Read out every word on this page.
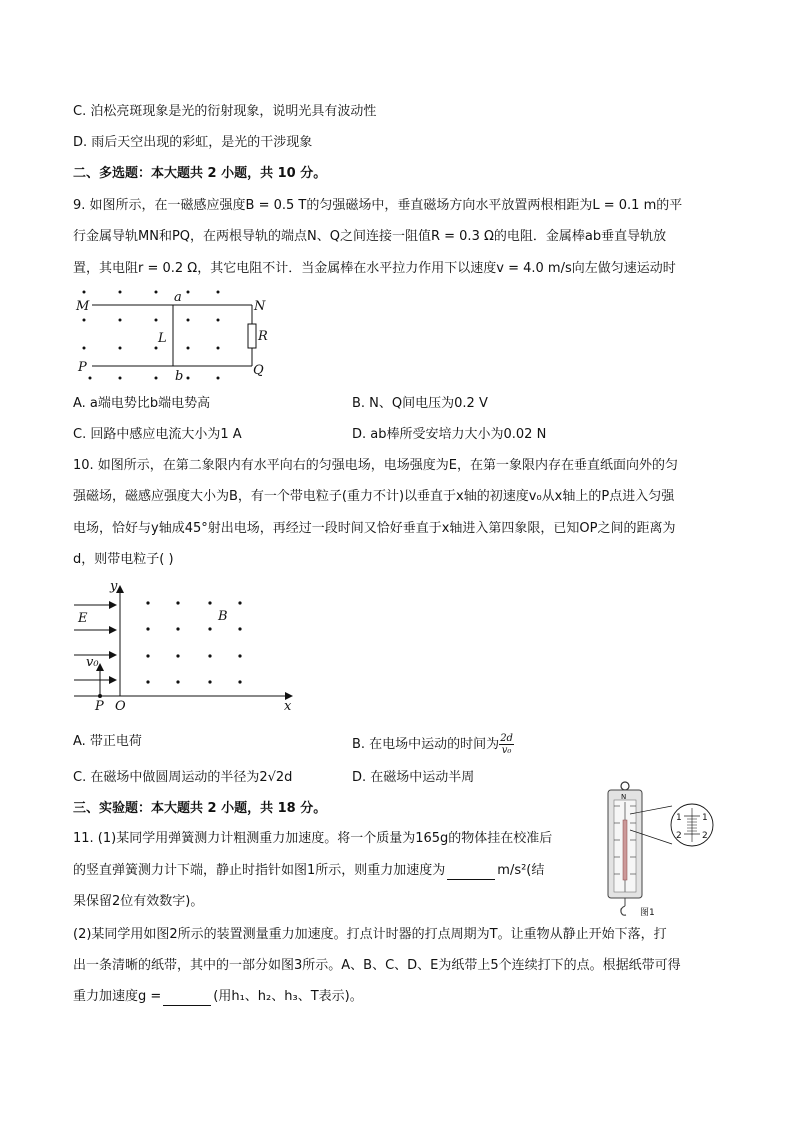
C. 泊松亮斑现象是光的衍射现象，说明光具有波动性
D. 雨后天空出现的彩虹，是光的干涉现象
二、多选题：本大题共 2 小题，共 10 分。
9. 如图所示，在一磁感应强度B = 0.5 T的匀强磁场中，垂直磁场方向水平放置两根相距为L = 0.1 m的平
行金属导轨MN和PQ，在两根导轨的端点N、Q之间连接一阻值R = 0.3 Ω的电阻．金属棒ab垂直导轨放
置，其电阻r = 0.2 Ω，其它电阻不计．当金属棒在水平拉力作用下以速度v = 4.0 m/s向左做匀速运动时
M
a
N
L	R
P
b	Q
A. a端电势比b端电势高	B. N、Q间电压为0.2 V
C. 回路中感应电流大小为1 A	D. ab棒所受安培力大小为0.02 N
10. 如图所示，在第二象限内有水平向右的匀强电场，电场强度为E，在第一象限内存在垂直纸面向外的匀
强磁场，磁感应强度大小为B，有一个带电粒子(重力不计)以垂直于x轴的初速度v₀从x轴上的P点进入匀强
电场，恰好与y轴成45°射出电场，再经过一段时间又恰好垂直于x轴进入第四象限，已知OP之间的距离为
d，则带电粒子( )
y
E	B
v₀
P O	x
A. 带正电荷	B. 在电场中运动的时间为 $\frac{2d}{\text{v₀}}$
C. 在磁场中做圆周运动的半径为2√2d	D. 在磁场中运动半周
三、实验题：本大题共 2 小题，共 18 分。
11. (1)某同学用弹簧测力计粗测重力加速度。将一个质量为165g的物体挂在校准后
的竖直弹簧测力计下端，静止时指针如图1所示，则重力加速度为	m/s²(结
果保留2位有效数字)。
(2)某同学用如图2所示的装置测量重力加速度。打点计时器的打点周期为T。让重物从静止开始下落，打
出一条清晰的纸带，其中的一部分如图3所示。A、B、C、D、E为纸带上5个连续打下的点。根据纸带可得
重力加速度g =	(用h₁、h₂、h₃、T表示)。
N
1 1
2 2
图1
